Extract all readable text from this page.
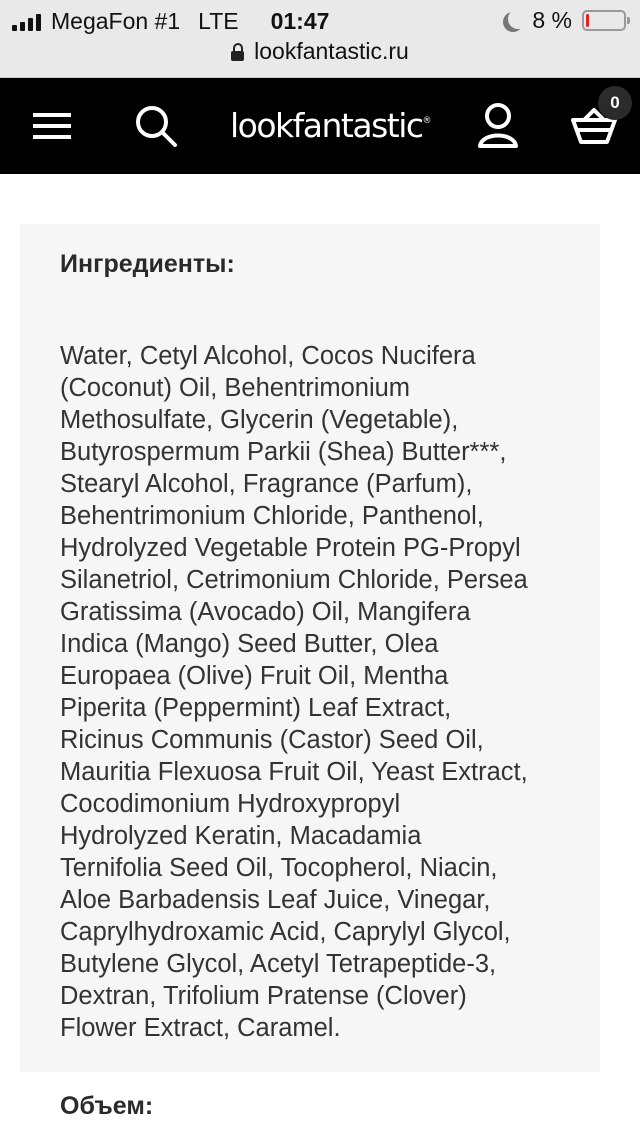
MegaFon #1 LTE	01:47	8 %
lookfantastic.ru
lookfantastic®
0
Ингредиенты:
Water, Cetyl Alcohol, Cocos Nucifera
(Coconut) Oil, Behentrimonium
Methosulfate, Glycerin (Vegetable),
Butyrospermum Parkii (Shea) Butter***,
Stearyl Alcohol, Fragrance (Parfum),
Behentrimonium Chloride, Panthenol,
Hydrolyzed Vegetable Protein PG-Propyl
Silanetriol, Cetrimonium Chloride, Persea
Gratissima (Avocado) Oil, Mangifera
Indica (Mango) Seed Butter, Olea
Europaea (Olive) Fruit Oil, Mentha
Piperita (Peppermint) Leaf Extract,
Ricinus Communis (Castor) Seed Oil,
Mauritia Flexuosa Fruit Oil, Yeast Extract,
Cocodimonium Hydroxypropyl
Hydrolyzed Keratin, Macadamia
Ternifolia Seed Oil, Tocopherol, Niacin,
Aloe Barbadensis Leaf Juice, Vinegar,
Caprylhydroxamic Acid, Caprylyl Glycol,
Butylene Glycol, Acetyl Tetrapeptide-3,
Dextran, Trifolium Pratense (Clover)
Flower Extract, Caramel.
Объем:
